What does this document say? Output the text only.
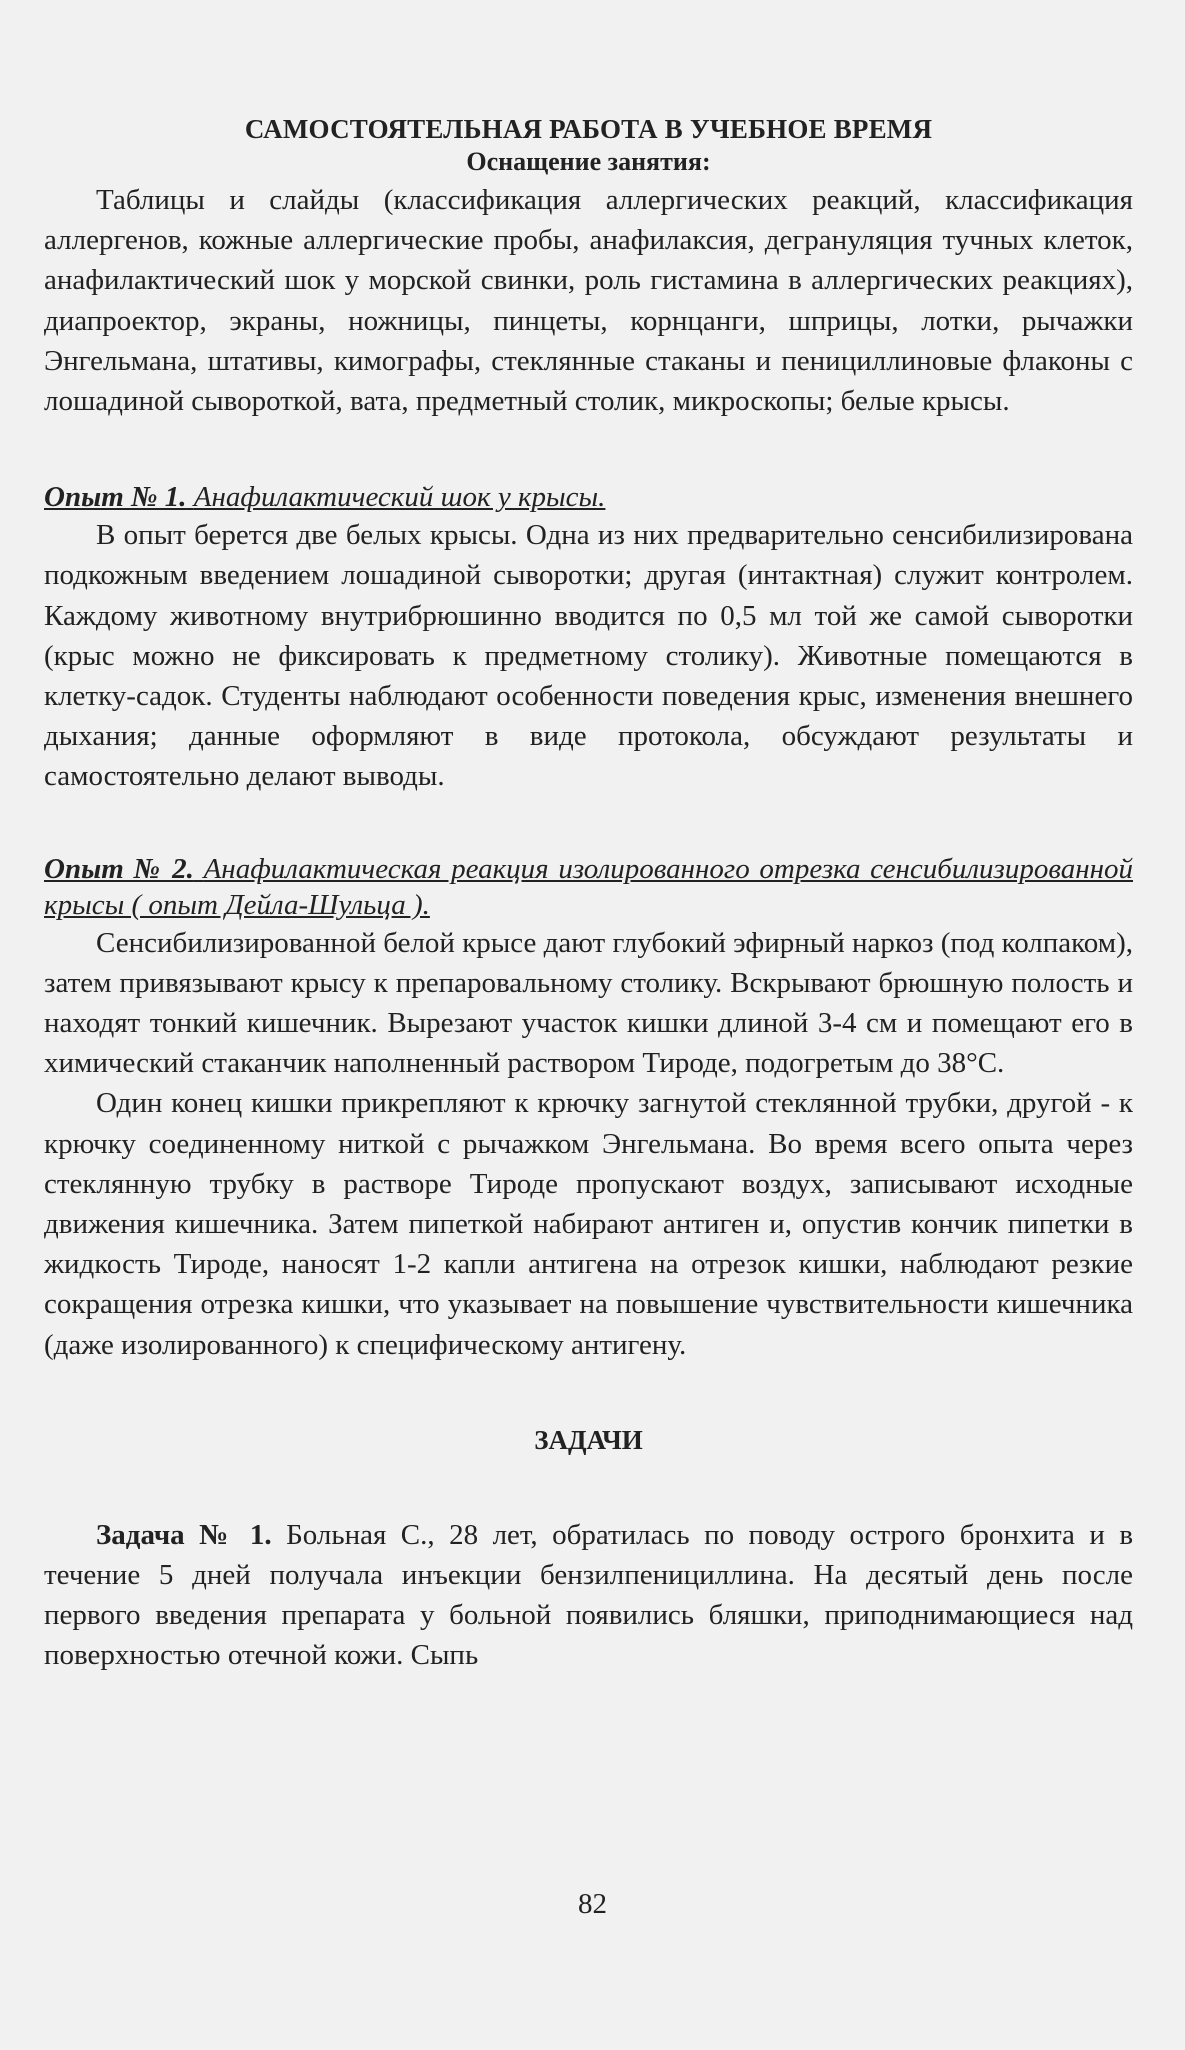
САМОСТОЯТЕЛЬНАЯ РАБОТА В УЧЕБНОЕ ВРЕМЯ
Оснащение занятия:

Таблицы и слайды (классификация аллергических реакций, классификация аллергенов, кожные аллергические пробы, анафилаксия, дегрануляция тучных клеток, анафилактический шок у морской свинки, роль гистамина в аллергических реакциях), диапроектор, экраны, ножницы, пинцеты, корнцанги, шприцы, лотки, рычажки Энгельмана, штативы, кимографы, стеклянные стаканы и пенициллиновые флаконы с лошадиной сывороткой, вата, предметный столик, микроскопы; белые крысы.

Опыт № 1. Анафилактический шок у крысы.

В опыт берется две белых крысы. Одна из них предварительно сенсибилизирована подкожным введением лошадиной сыворотки; другая (интактная) служит контролем. Каждому животному внутрибрюшинно вводится по 0,5 мл той же самой сыворотки (крыс можно не фиксировать к предметному столику). Животные помещаются в клетку-садок. Студенты наблюдают особенности поведения крыс, изменения внешнего дыхания; данные оформляют в виде протокола, обсуждают результаты и самостоятельно делают выводы.

Опыт № 2. Анафилактическая реакция изолированного отрезка сенсибилизированной крысы ( опыт Дейла-Шульца ).

Сенсибилизированной белой крысе дают глубокий эфирный наркоз (под колпаком), затем привязывают крысу к препаровальному столику. Вскрывают брюшную полость и находят тонкий кишечник. Вырезают участок кишки длиной 3-4 см и помещают его в химический стаканчик наполненный раствором Тироде, подогретым до 38°С.

Один конец кишки прикрепляют к крючку загнутой стеклянной трубки, другой - к крючку соединенному ниткой с рычажком Энгельмана. Во время всего опыта через стеклянную трубку в растворе Тироде пропускают воздух, записывают исходные движения кишечника. Затем пипеткой набирают антиген и, опустив кончик пипетки в жидкость Тироде, наносят 1-2 капли антигена на отрезок кишки, наблюдают резкие сокращения отрезка кишки, что указывает на повышение чувствительности кишечника (даже изолированного) к специфическому антигену.

ЗАДАЧИ

Задача № 1. Больная С., 28 лет, обратилась по поводу острого бронхита и в течение 5 дней получала инъекции бензилпенициллина. На десятый день после первого введения препарата у больной появились бляшки, приподнимающиеся над поверхностью отечной кожи. Сыпь

82
